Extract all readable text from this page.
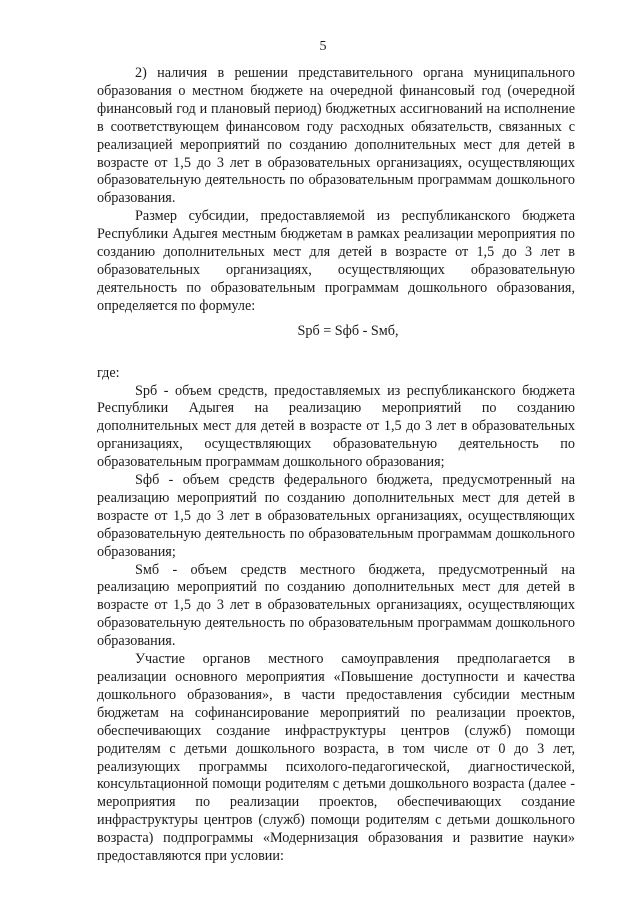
5

2) наличия в решении представительного органа муниципального образования о местном бюджете на очередной финансовый год (очередной финансовый год и плановый период) бюджетных ассигнований на исполнение в соответствующем финансовом году расходных обязательств, связанных с реализацией мероприятий по созданию дополнительных мест для детей в возрасте от 1,5 до 3 лет в образовательных организациях, осуществляющих образовательную деятельность по образовательным программам дошкольного образования.

Размер субсидии, предоставляемой из республиканского бюджета Республики Адыгея местным бюджетам в рамках реализации мероприятия по созданию дополнительных мест для детей в возрасте от 1,5 до 3 лет в образовательных организациях, осуществляющих образовательную деятельность по образовательным программам дошкольного образования, определяется по формуле:

Sрб = Sфб - Sмб,

где:

Sрб - объем средств, предоставляемых из республиканского бюджета Республики Адыгея на реализацию мероприятий по созданию дополнительных мест для детей в возрасте от 1,5 до 3 лет в образовательных организациях, осуществляющих образовательную деятельность по образовательным программам дошкольного образования;

Sфб - объем средств федерального бюджета, предусмотренный на реализацию мероприятий по созданию дополнительных мест для детей в возрасте от 1,5 до 3 лет в образовательных организациях, осуществляющих образовательную деятельность по образовательным программам дошкольного образования;

Sмб - объем средств местного бюджета, предусмотренный на реализацию мероприятий по созданию дополнительных мест для детей в возрасте от 1,5 до 3 лет в образовательных организациях, осуществляющих образовательную деятельность по образовательным программам дошкольного образования.

Участие органов местного самоуправления предполагается в реализации основного мероприятия «Повышение доступности и качества дошкольного образования», в части предоставления субсидии местным бюджетам на софинансирование мероприятий по реализации проектов, обеспечивающих создание инфраструктуры центров (служб) помощи родителям с детьми дошкольного возраста, в том числе от 0 до 3 лет, реализующих программы психолого-педагогической, диагностической, консультационной помощи родителям с детьми дошкольного возраста (далее - мероприятия по реализации проектов, обеспечивающих создание инфраструктуры центров (служб) помощи родителям с детьми дошкольного возраста) подпрограммы «Модернизация образования и развитие науки» предоставляются при условии:
